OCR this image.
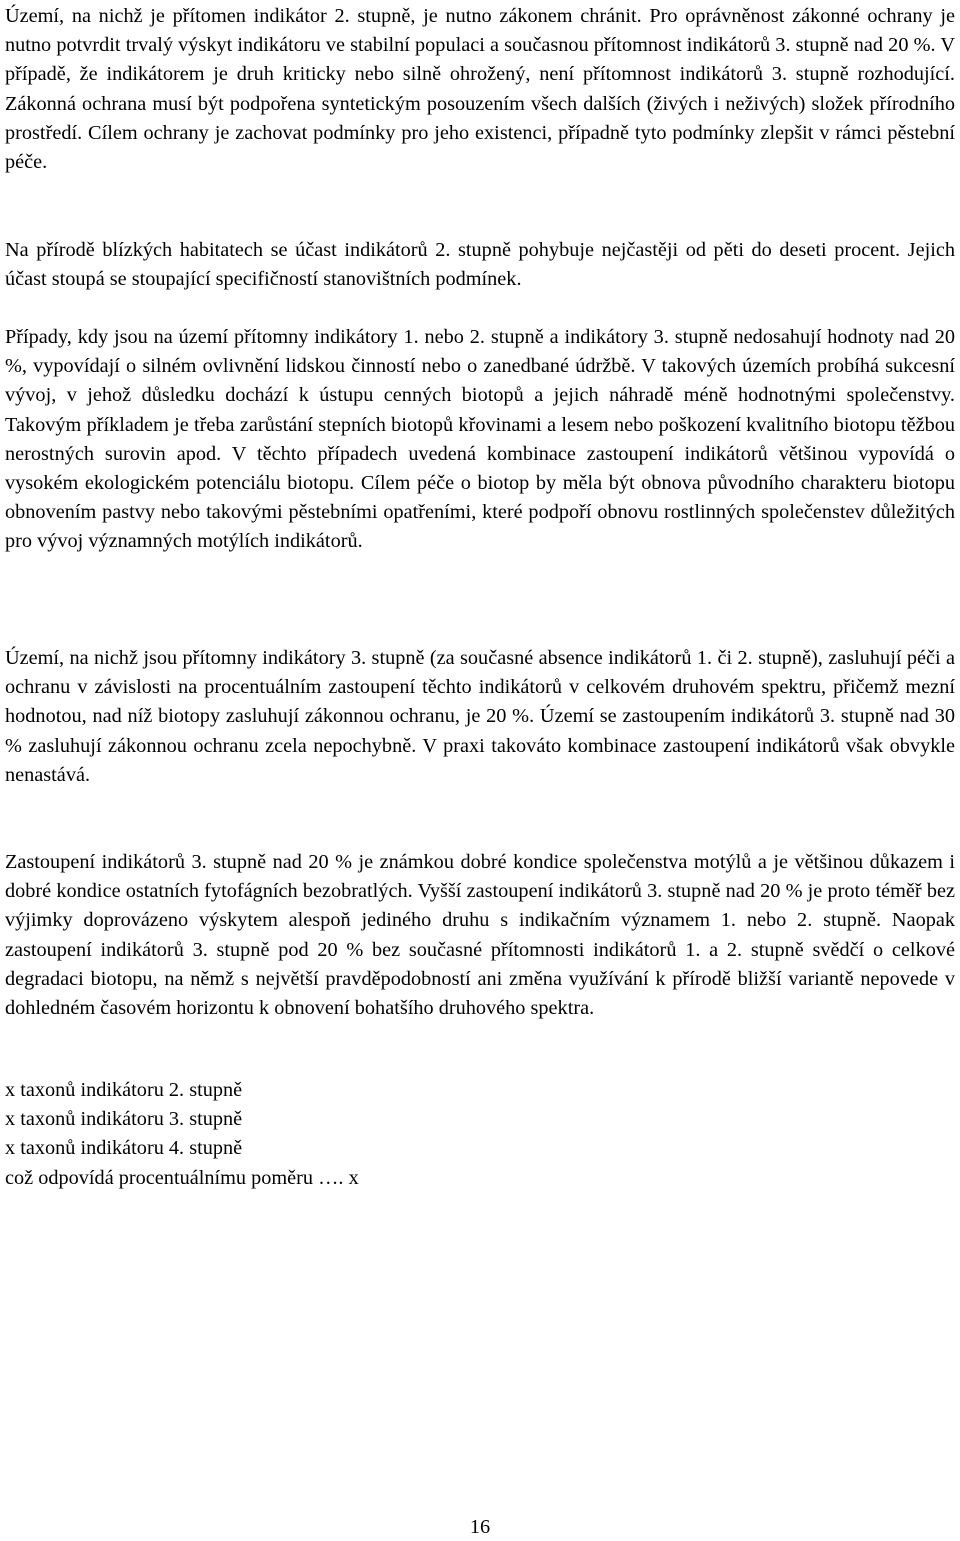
Území, na nichž je přítomen indikátor 2. stupně, je nutno zákonem chránit. Pro oprávněnost zákonné ochrany je nutno potvrdit trvalý výskyt indikátoru ve stabilní populaci a současnou přítomnost indikátorů 3. stupně nad 20 %. V případě, že indikátorem je druh kriticky nebo silně ohrožený, není přítomnost indikátorů 3. stupně rozhodující. Zákonná ochrana musí být podpořena syntetickým posouzením všech dalších (živých i neživých) složek přírodního prostředí. Cílem ochrany je zachovat podmínky pro jeho existenci, případně tyto podmínky zlepšit v rámci pěstební péče.

Na přírodě blízkých habitatech se účast indikátorů 2. stupně pohybuje nejčastěji od pěti do deseti procent. Jejich účast stoupá se stoupající specifičností stanovištních podmínek.

Případy, kdy jsou na území přítomny indikátory 1. nebo 2. stupně a indikátory 3. stupně nedosahují hodnoty nad 20 %, vypovídají o silném ovlivnění lidskou činností nebo o zanedbané údržbě. V takových územích probíhá sukcesní vývoj, v jehož důsledku dochází k ústupu cenných biotopů a jejich náhradě méně hodnotnými společenstvy. Takovým příkladem je třeba zarůstání stepních biotopů křovinami a lesem nebo poškození kvalitního biotopu těžbou nerostných surovin apod. V těchto případech uvedená kombinace zastoupení indikátorů většinou vypovídá o vysokém ekologickém potenciálu biotopu. Cílem péče o biotop by měla být obnova původního charakteru biotopu obnovením pastvy nebo takovými pěstebními opatřeními, které podpoří obnovu rostlinných společenstev důležitých pro vývoj významných motýlích indikátorů.

Území, na nichž jsou přítomny indikátory 3. stupně (za současné absence indikátorů 1. či 2. stupně), zasluhují péči a ochranu v závislosti na procentuálním zastoupení těchto indikátorů v celkovém druhovém spektru, přičemž mezní hodnotou, nad níž biotopy zasluhují zákonnou ochranu, je 20 %. Území se zastoupením indikátorů 3. stupně nad 30 % zasluhují zákonnou ochranu zcela nepochybně. V praxi takováto kombinace zastoupení indikátorů však obvykle nenastává.

Zastoupení indikátorů 3. stupně nad 20 % je známkou dobré kondice společenstva motýlů a je většinou důkazem i dobré kondice ostatních fytofágních bezobratlých. Vyšší zastoupení indikátorů 3. stupně nad 20 % je proto téměř bez výjimky doprovázeno výskytem alespoň jediného druhu s indikačním významem 1. nebo 2. stupně. Naopak zastoupení indikátorů 3. stupně pod 20 % bez současné přítomnosti indikátorů 1. a 2. stupně svědčí o celkové degradaci biotopu, na němž s největší pravděpodobností ani změna využívání k přírodě bližší variantě nepovede v dohledném časovém horizontu k obnovení bohatšího druhového spektra.

x taxonů indikátoru 2. stupně
x taxonů indikátoru 3. stupně
x taxonů indikátoru 4. stupně
což odpovídá procentuálnímu poměru …. x
16
